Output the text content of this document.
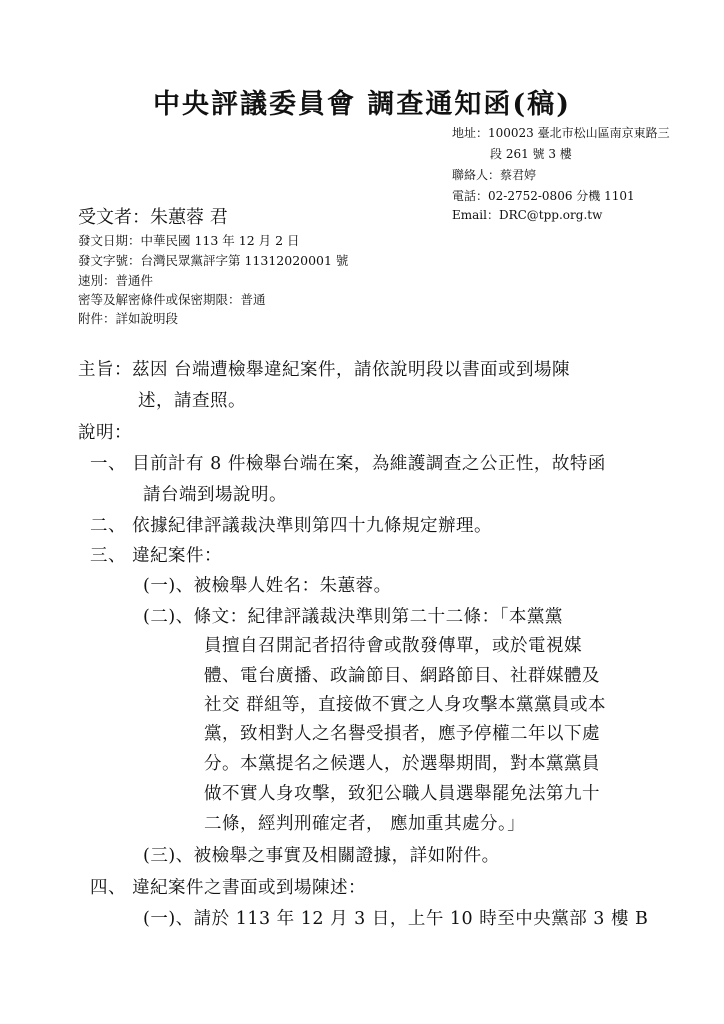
中央評議委員會 調查通知函(稿)
地址：100023 臺北市松山區南京東路三
段 261 號 3 樓
聯絡人：蔡君婷
電話：02-2752-0806 分機 1101
Email：DRC@tpp.org.tw
受文者：朱蕙蓉 君
發文日期：中華民國 113 年 12 月 2 日
發文字號：台灣民眾黨評字第 11312020001 號
速別：普通件
密等及解密條件或保密期限：普通
附件：詳如說明段
主旨：茲因 台端遭檢舉違紀案件，請依說明段以書面或到場陳
述，請查照。
說明：
一、 目前計有 8 件檢舉台端在案，為維護調查之公正性，故特函
請台端到場說明。
二、 依據紀律評議裁決準則第四十九條規定辦理。
三、 違紀案件：
(一)、被檢舉人姓名：朱蕙蓉。
(二)、條文：紀律評議裁決準則第二十二條：「本黨黨
員擅自召開記者招待會或散發傳單，或於電視媒
體、電台廣播、政論節目、網路節目、社群媒體及
社交 群組等，直接做不實之人身攻擊本黨黨員或本
黨，致相對人之名譽受損者，應予停權二年以下處
分。本黨提名之候選人，於選舉期間，對本黨黨員
做不實人身攻擊，致犯公職人員選舉罷免法第九十
二條，經判刑確定者， 應加重其處分。」
(三)、被檢舉之事實及相關證據，詳如附件。
四、 違紀案件之書面或到場陳述：
(一)、請於 113 年 12 月 3 日，上午 10 時至中央黨部 3 樓 B
